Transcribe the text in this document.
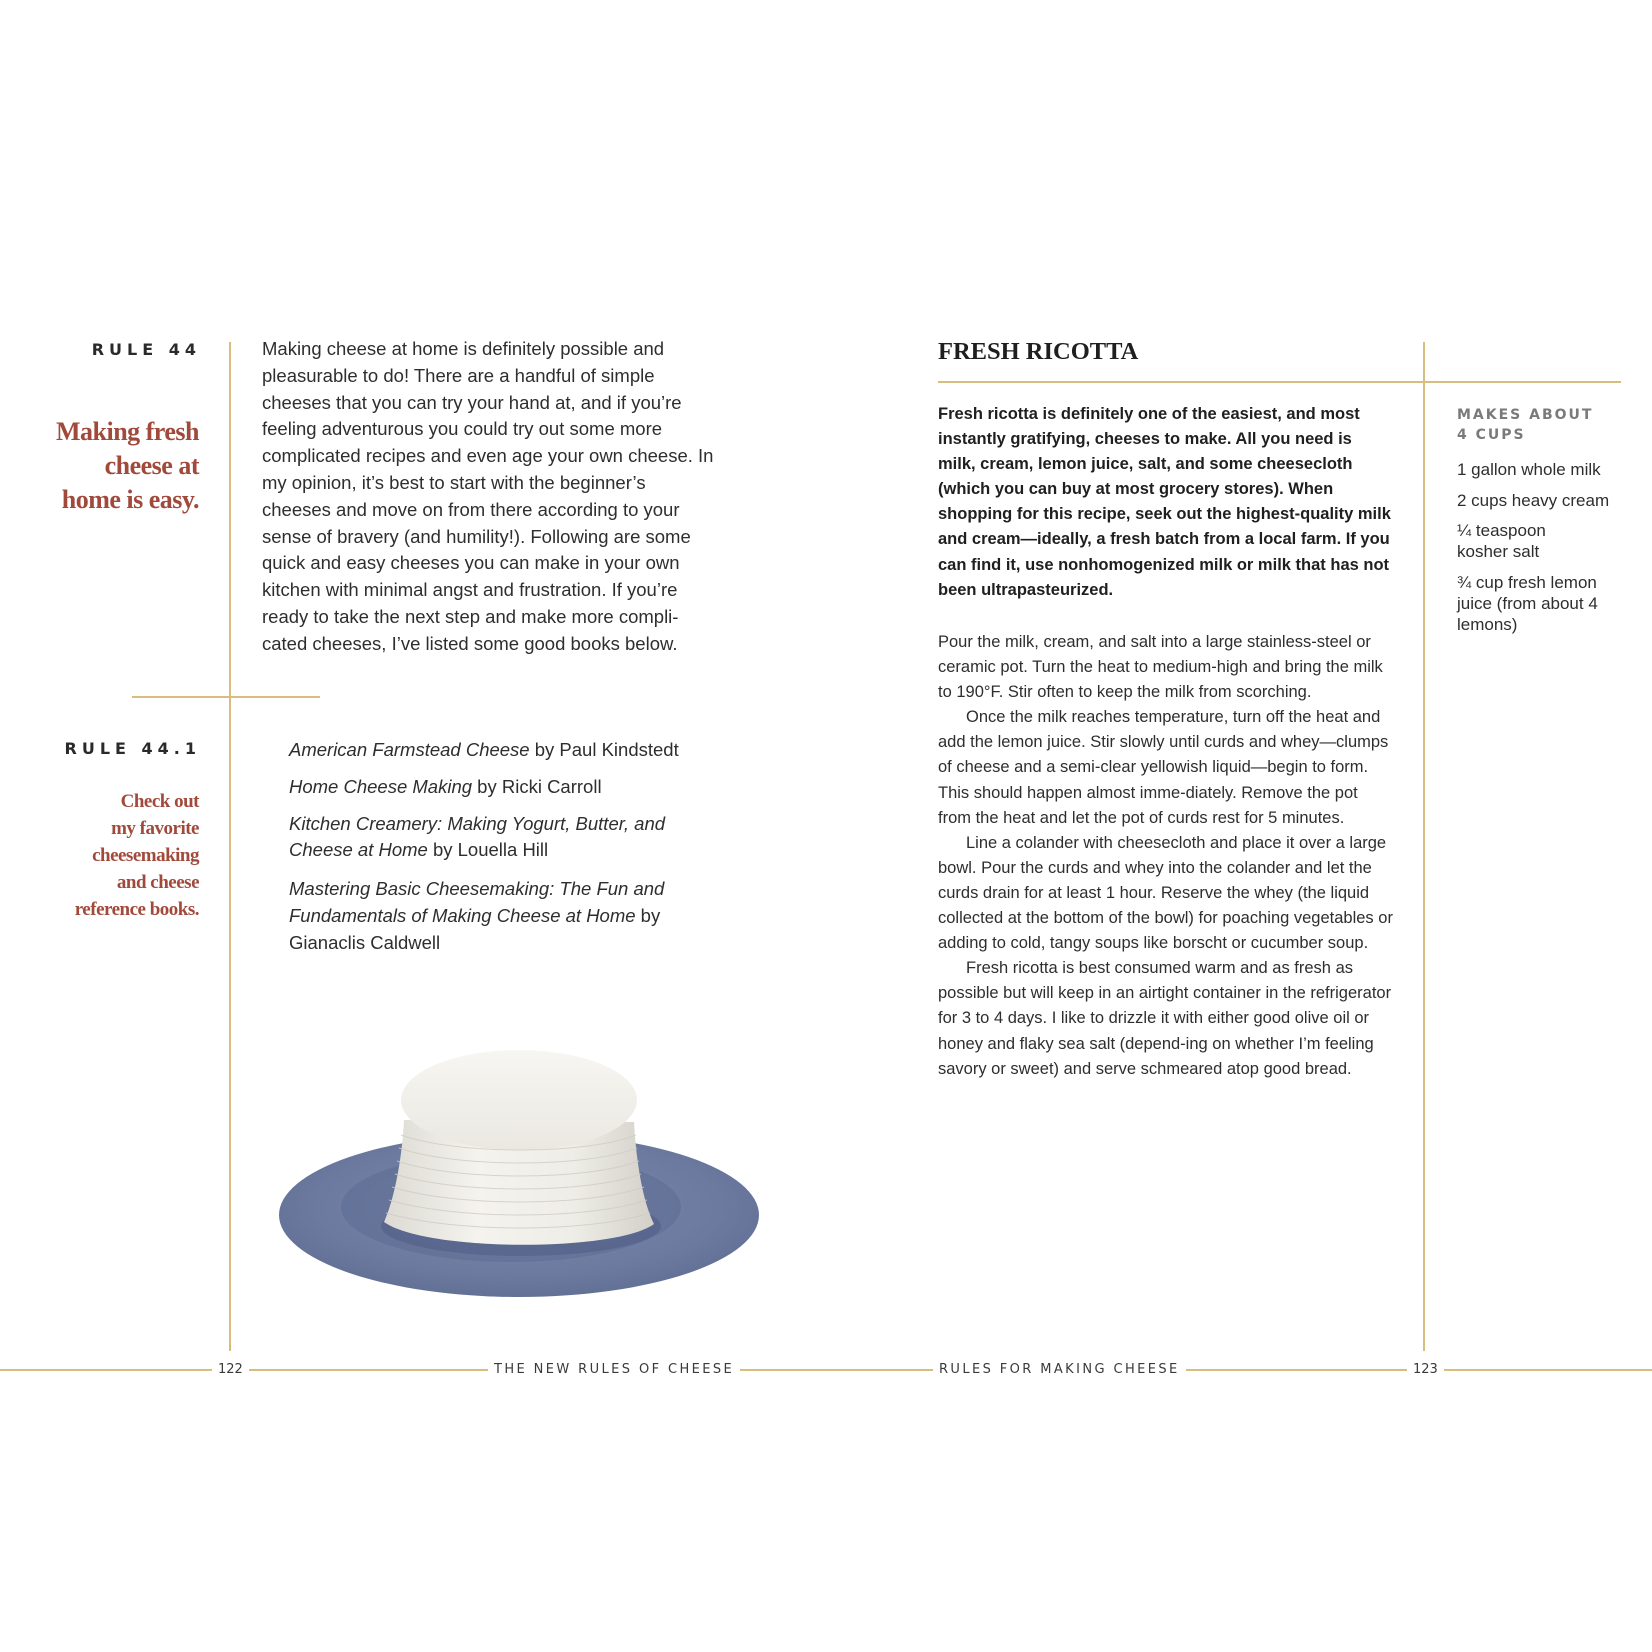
RULE 44
Making fresh
cheese at
home is easy.
Making cheese at home is definitely possible and pleasurable to do! There are a handful of simple cheeses that you can try your hand at, and if you’re feeling adventurous you could try out some more complicated recipes and even age your own cheese. In my opinion, it’s best to start with the beginner’s cheeses and move on from there according to your sense of bravery (and humility!). Following are some quick and easy cheeses you can make in your own kitchen with minimal angst and frustration. If you’re ready to take the next step and make more compli-cated cheeses, I’ve listed some good books below.
RULE 44.1
Check out
my favorite
cheesemaking
and cheese
reference books.

American Farmstead Cheese by Paul Kindstedt

Home Cheese Making by Ricki Carroll

Kitchen Creamery: Making Yogurt, Butter, and Cheese at Home by Louella Hill

Mastering Basic Cheesemaking: The Fun and Fundamentals of Making Cheese at Home by Gianaclis Caldwell

FRESH RICOTTA
Fresh ricotta is definitely one of the easiest, and most instantly gratifying, cheeses to make. All you need is milk, cream, lemon juice, salt, and some cheesecloth (which you can buy at most grocery stores). When shopping for this recipe, seek out the highest-quality milk and cream—ideally, a fresh batch from a local farm. If you can find it, use nonhomogenized milk or milk that has not been ultrapasteurized.

Pour the milk, cream, and salt into a large stainless-steel or ceramic pot. Turn the heat to medium-high and bring the milk to 190°F. Stir often to keep the milk from scorching.

Once the milk reaches temperature, turn off the heat and add the lemon juice. Stir slowly until curds and whey—clumps of cheese and a semi-clear yellowish liquid—begin to form. This should happen almost imme-diately. Remove the pot from the heat and let the pot of curds rest for 5 minutes.

Line a colander with cheesecloth and place it over a large bowl. Pour the curds and whey into the colander and let the curds drain for at least 1 hour. Reserve the whey (the liquid collected at the bottom of the bowl) for poaching vegetables or adding to cold, tangy soups like borscht or cucumber soup.

Fresh ricotta is best consumed warm and as fresh as possible but will keep in an airtight container in the refrigerator for 3 to 4 days. I like to drizzle it with either good olive oil or honey and flaky sea salt (depend-ing on whether I’m feeling savory or sweet) and serve schmeared atop good bread.

MAKES ABOUT
4 CUPS

1 gallon whole milk

2 cups heavy cream

¼ teaspoon kosher salt

¾ cup fresh lemon juice (from about 4 lemons)

122	THE NEW RULES OF CHEESE	RULES FOR MAKING CHEESE	123
